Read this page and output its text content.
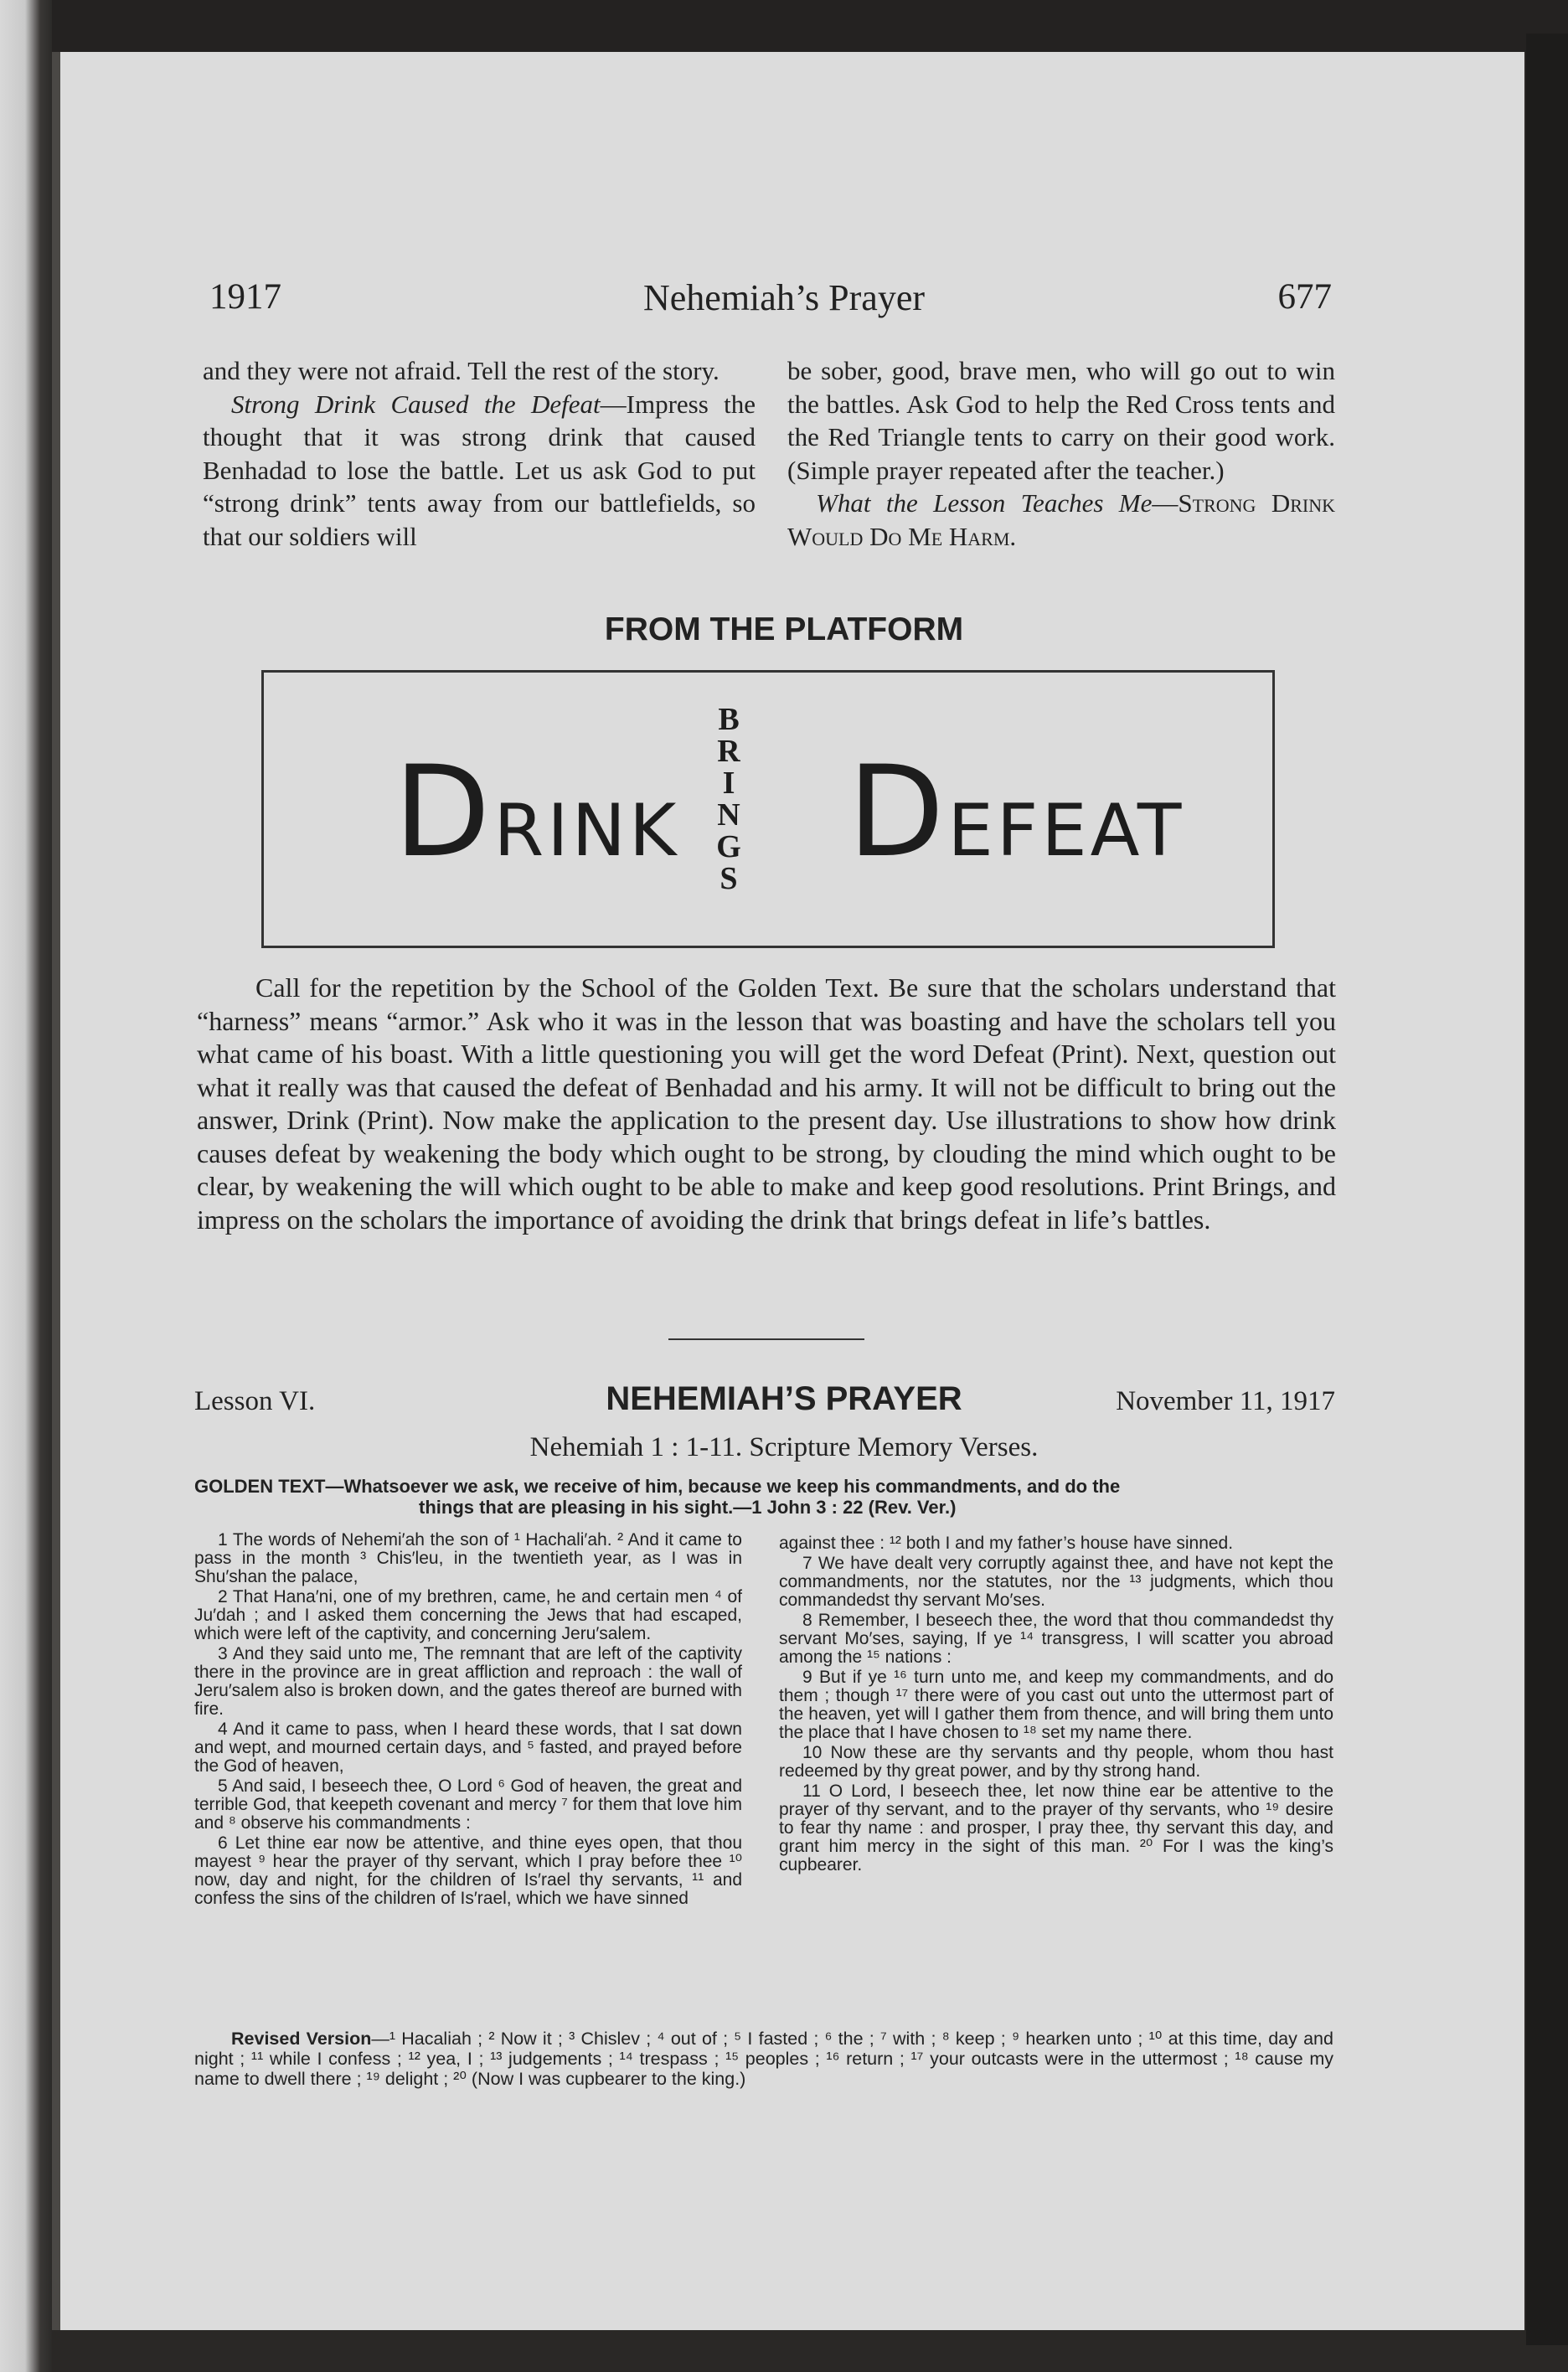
1917	Nehemiah’s Prayer	677

and they were not afraid. Tell the rest of the story.

Strong Drink Caused the Defeat—Impress the thought that it was strong drink that caused Benhadad to lose the battle. Let us ask God to put “strong drink” tents away from our battlefields, so that our soldiers will

be sober, good, brave men, who will go out to win the battles. Ask God to help the Red Cross tents and the Red Triangle tents to carry on their good work. (Simple prayer repeated after the teacher.)

What the Lesson Teaches Me—Strong Drink Would Do Me Harm.

FROM THE PLATFORM
DRINK
B
R
I
N
G
S DEFEAT

Call for the repetition by the School of the Golden Text. Be sure that the scholars understand that “harness” means “armor.” Ask who it was in the lesson that was boasting and have the scholars tell you what came of his boast. With a little questioning you will get the word Defeat (Print). Next, question out what it really was that caused the defeat of Benhadad and his army. It will not be difficult to bring out the answer, Drink (Print). Now make the application to the present day. Use illustrations to show how drink causes defeat by weakening the body which ought to be strong, by clouding the mind which ought to be clear, by weakening the will which ought to be able to make and keep good resolutions. Print Brings, and impress on the scholars the importance of avoiding the drink that brings defeat in life’s battles.

Lesson VI.	NEHEMIAH’S PRAYER	November 11, 1917
Nehemiah 1 : 1-11. Scripture Memory Verses.
GOLDEN TEXT—Whatsoever we ask, we receive of him, because we keep his commandments, and do the
things that are pleasing in his sight.—1 John 3 : 22 (Rev. Ver.)

1 The words of Nehemi′ah the son of ¹ Hachali′ah. ² And it came to pass in the month ³ Chis′leu, in the twentieth year, as I was in Shu′shan the palace,

2 That Hana′ni, one of my brethren, came, he and certain men ⁴ of Ju′dah ; and I asked them concerning the Jews that had escaped, which were left of the captivity, and concerning Jeru′salem.

3 And they said unto me, The remnant that are left of the captivity there in the province are in great affliction and reproach : the wall of Jeru′salem also is broken down, and the gates thereof are burned with fire.

4 And it came to pass, when I heard these words, that I sat down and wept, and mourned certain days, and ⁵ fasted, and prayed before the God of heaven,

5 And said, I beseech thee, O Lord ⁶ God of heaven, the great and terrible God, that keepeth covenant and mercy ⁷ for them that love him and ⁸ observe his commandments :

6 Let thine ear now be attentive, and thine eyes open, that thou mayest ⁹ hear the prayer of thy servant, which I pray before thee ¹⁰ now, day and night, for the children of Is′rael thy servants, ¹¹ and confess the sins of the children of Is′rael, which we have sinned

against thee : ¹² both I and my father’s house have sinned.

7 We have dealt very corruptly against thee, and have not kept the commandments, nor the statutes, nor the ¹³ judgments, which thou commandedst thy servant Mo′ses.

8 Remember, I beseech thee, the word that thou commandedst thy servant Mo′ses, saying, If ye ¹⁴ transgress, I will scatter you abroad among the ¹⁵ nations :

9 But if ye ¹⁶ turn unto me, and keep my commandments, and do them ; though ¹⁷ there were of you cast out unto the uttermost part of the heaven, yet will I gather them from thence, and will bring them unto the place that I have chosen to ¹⁸ set my name there.

10 Now these are thy servants and thy people, whom thou hast redeemed by thy great power, and by thy strong hand.

11 O Lord, I beseech thee, let now thine ear be attentive to the prayer of thy servant, and to the prayer of thy servants, who ¹⁹ desire to fear thy name : and prosper, I pray thee, thy servant this day, and grant him mercy in the sight of this man. ²⁰ For I was the king’s cupbearer.

Revised Version—¹ Hacaliah ; ² Now it ; ³ Chislev ; ⁴ out of ; ⁵ I fasted ; ⁶ the ; ⁷ with ; ⁸ keep ; ⁹ hearken unto ; ¹⁰ at this time, day and night ; ¹¹ while I confess ; ¹² yea, I ; ¹³ judgements ; ¹⁴ trespass ; ¹⁵ peoples ; ¹⁶ return ; ¹⁷ your outcasts were in the uttermost ; ¹⁸ cause my name to dwell there ; ¹⁹ delight ; ²⁰ (Now I was cupbearer to the king.)
